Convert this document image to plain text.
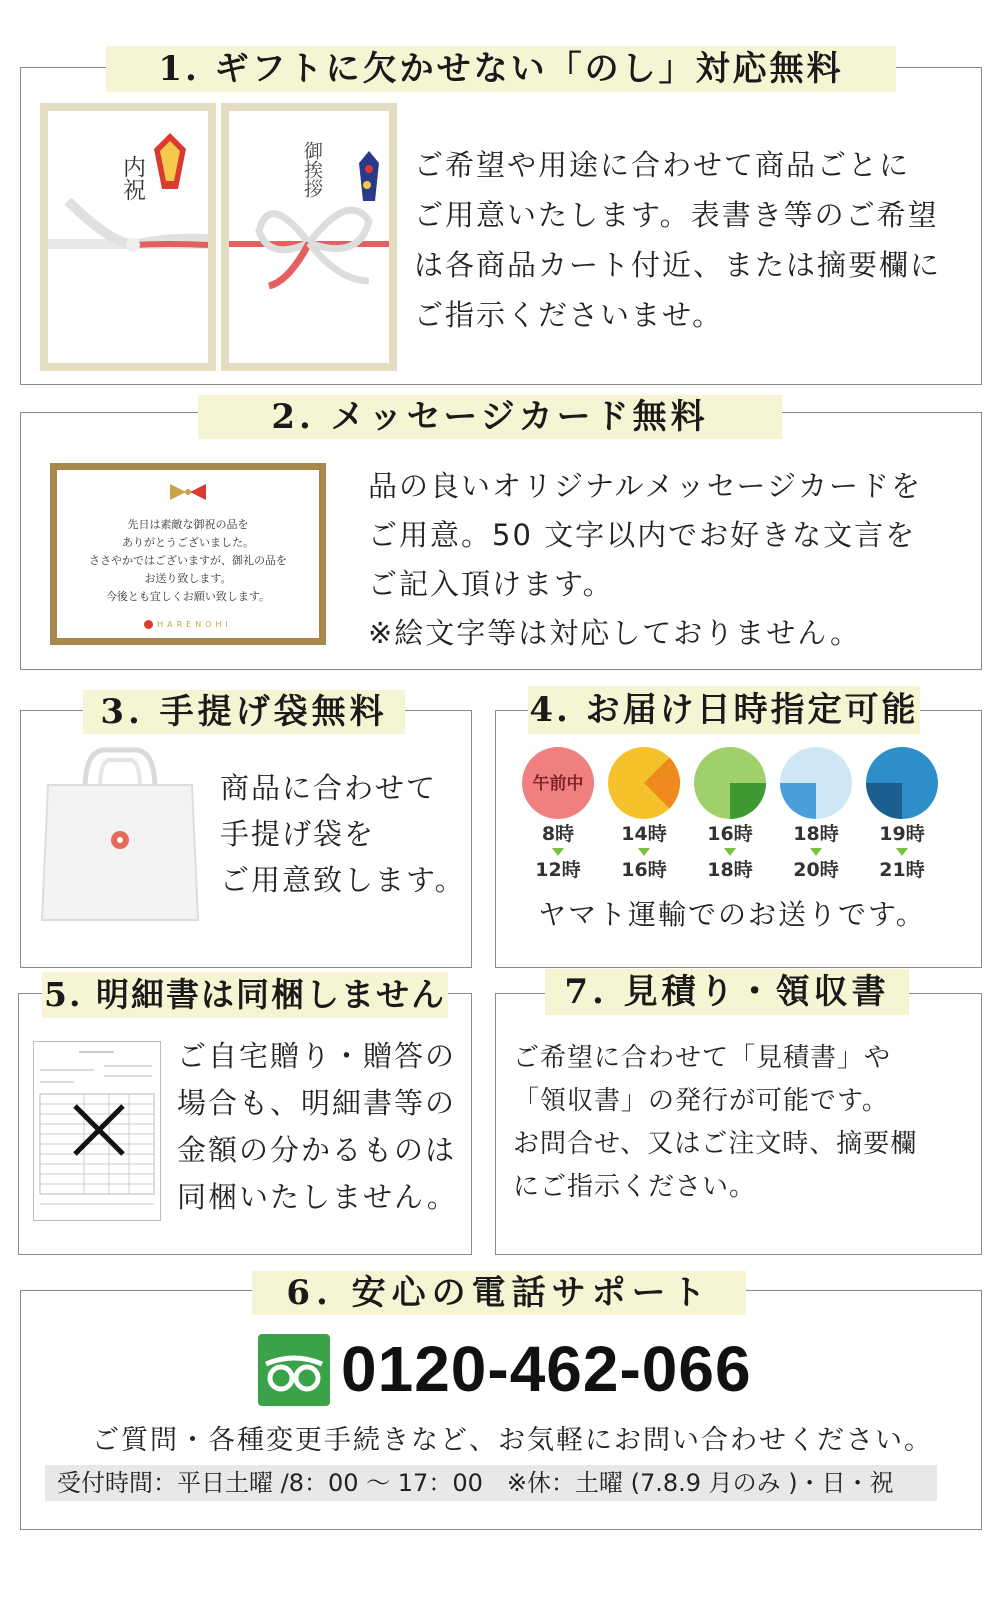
1. ギフトに欠かせない「のし」対応無料
内祝	御挨拶	ご希望や用途に合わせて商品ごとに
ご用意いたします。表書き等のご希望
は各商品カート付近、または摘要欄に
ご指示くださいませ。
2. メッセージカード無料
先日は素敵な御祝の品を
ありがとうございました。
ささやかではございますが、御礼の品を
お送り致します。
今後とも宜しくお願い致します。
HARENOHI
品の良いオリジナルメッセージカードを
ご用意。50 文字以内でお好きな文言を
ご記入頂けます。
※絵文字等は対応しておりません。
3. 手提げ袋無料
商品に合わせて
手提げ袋を
ご用意致します。
4. お届け日時指定可能
午前中
8時
12時
14時
16時
16時
18時
18時
20時
19時
21時
ヤマト運輸でのお送りです。
5. 明細書は同梱しません
ご自宅贈り・贈答の
場合も、明細書等の
金額の分かるものは
同梱いたしません。
7. 見積り・領収書
ご希望に合わせて「見積書」や
「領収書」の発行が可能です。
お問合せ、又はご注文時、摘要欄
にご指示ください。
6. 安心の電話サポート
0120-462-066
ご質問・各種変更手続きなど、お気軽にお問い合わせください。
受付時間：平日土曜 /8：00 ～ 17：00　※休：土曜 (7.8.9 月のみ )・日・祝
